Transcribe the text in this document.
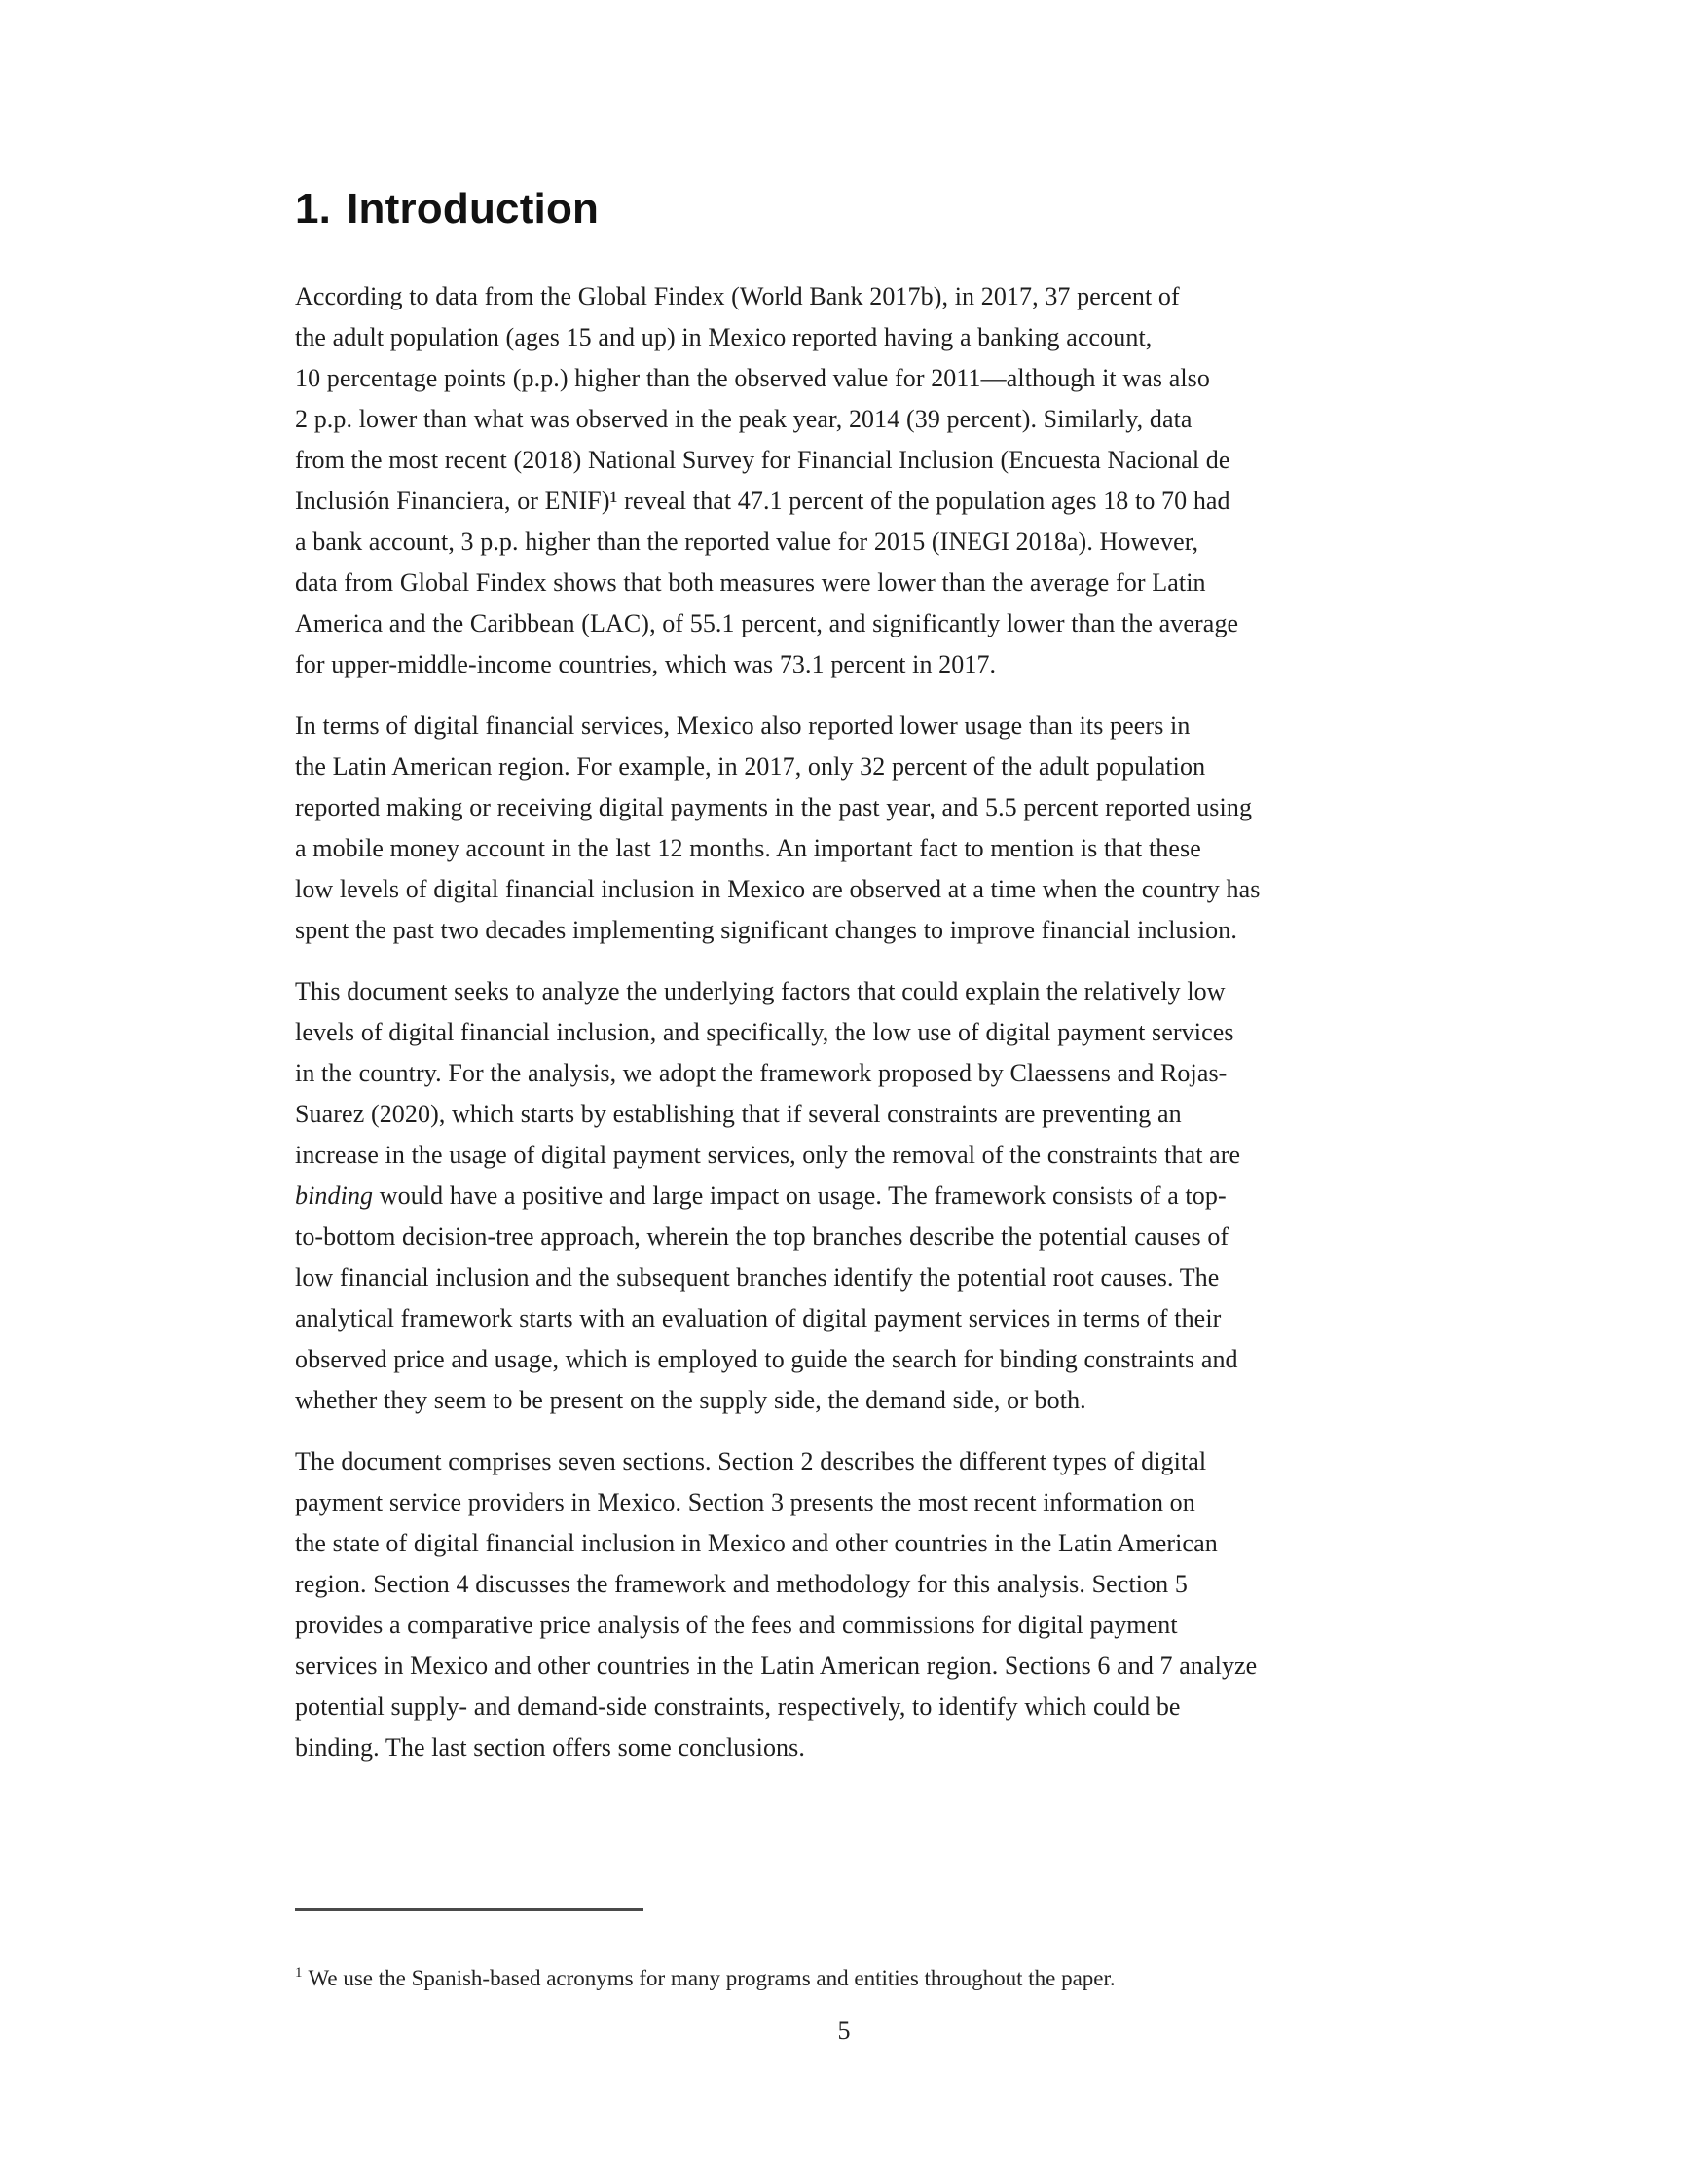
1. Introduction
According to data from the Global Findex (World Bank 2017b), in 2017, 37 percent of
the adult population (ages 15 and up) in Mexico reported having a banking account,
10 percentage points (p.p.) higher than the observed value for 2011—although it was also
2 p.p. lower than what was observed in the peak year, 2014 (39 percent). Similarly, data
from the most recent (2018) National Survey for Financial Inclusion (Encuesta Nacional de
Inclusión Financiera, or ENIF)¹ reveal that 47.1 percent of the population ages 18 to 70 had
a bank account, 3 p.p. higher than the reported value for 2015 (INEGI 2018a). However,
data from Global Findex shows that both measures were lower than the average for Latin
America and the Caribbean (LAC), of 55.1 percent, and significantly lower than the average
for upper-middle-income countries, which was 73.1 percent in 2017.
In terms of digital financial services, Mexico also reported lower usage than its peers in
the Latin American region. For example, in 2017, only 32 percent of the adult population
reported making or receiving digital payments in the past year, and 5.5 percent reported using
a mobile money account in the last 12 months. An important fact to mention is that these
low levels of digital financial inclusion in Mexico are observed at a time when the country has
spent the past two decades implementing significant changes to improve financial inclusion.
This document seeks to analyze the underlying factors that could explain the relatively low
levels of digital financial inclusion, and specifically, the low use of digital payment services
in the country. For the analysis, we adopt the framework proposed by Claessens and Rojas-
Suarez (2020), which starts by establishing that if several constraints are preventing an
increase in the usage of digital payment services, only the removal of the constraints that are
binding would have a positive and large impact on usage. The framework consists of a top-
to-bottom decision-tree approach, wherein the top branches describe the potential causes of
low financial inclusion and the subsequent branches identify the potential root causes. The
analytical framework starts with an evaluation of digital payment services in terms of their
observed price and usage, which is employed to guide the search for binding constraints and
whether they seem to be present on the supply side, the demand side, or both.
The document comprises seven sections. Section 2 describes the different types of digital
payment service providers in Mexico. Section 3 presents the most recent information on
the state of digital financial inclusion in Mexico and other countries in the Latin American
region. Section 4 discusses the framework and methodology for this analysis. Section 5
provides a comparative price analysis of the fees and commissions for digital payment
services in Mexico and other countries in the Latin American region. Sections 6 and 7 analyze
potential supply- and demand-side constraints, respectively, to identify which could be
binding. The last section offers some conclusions.
$^1$ We use the Spanish-based acronyms for many programs and entities throughout the paper.
5
